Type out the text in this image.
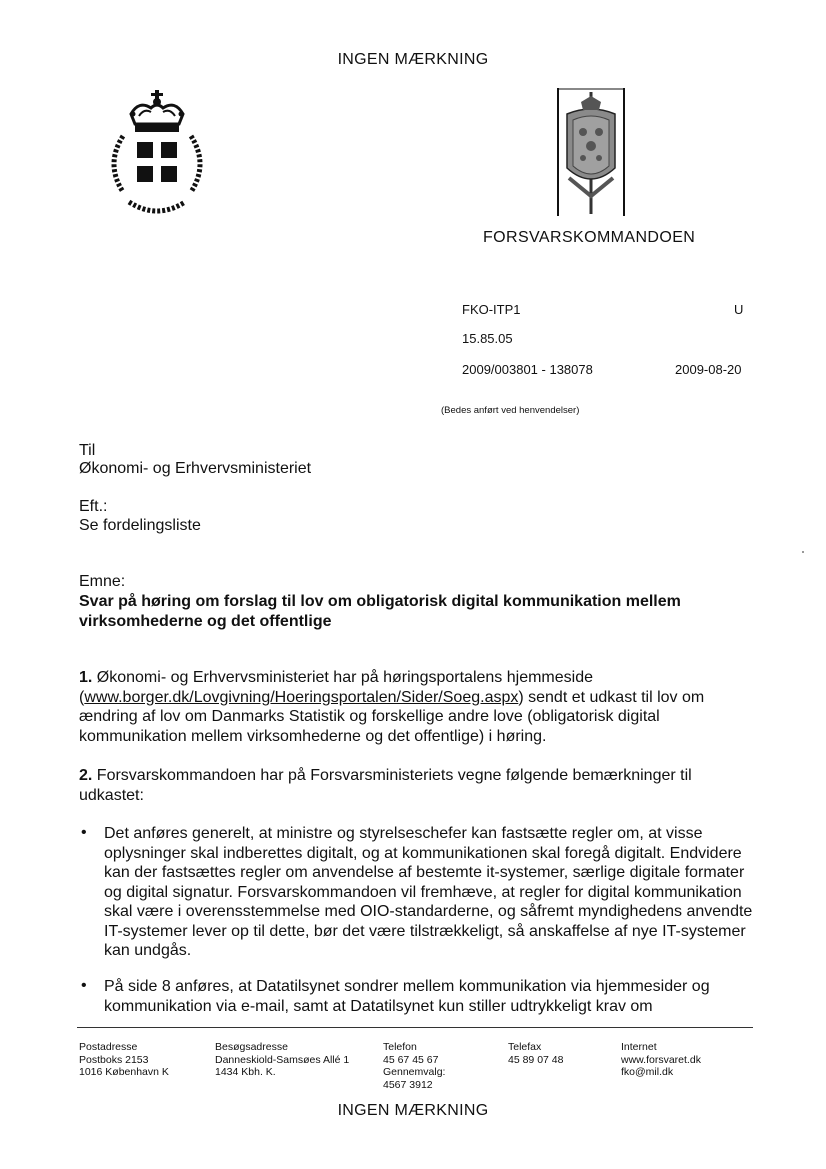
INGEN MÆRKNING
FORSVARSKOMMANDOEN
FKO-ITP1	U
15.85.05
2009/003801 - 138078	2009-08-20
(Bedes anført ved henvendelser)
Til
Økonomi- og Erhvervsministeriet
Eft.:
Se fordelingsliste
Emne:
Svar på høring om forslag til lov om obligatorisk digital kommunikation mellem virksomhederne og det offentlige
1. Økonomi- og Erhvervsministeriet har på høringsportalens hjemmeside (www.borger.dk/Lovgivning/Hoeringsportalen/Sider/Soeg.aspx) sendt et udkast til lov om ændring af lov om Danmarks Statistik og forskellige andre love (obligatorisk digital kommunikation mellem virksomhederne og det offentlige) i høring.
2. Forsvarskommandoen har på Forsvarsministeriets vegne følgende bemærkninger til udkastet:
• Det anføres generelt, at ministre og styrelseschefer kan fastsætte regler om, at visse oplysninger skal indberettes digitalt, og at kommunikationen skal foregå digitalt. Endvidere kan der fastsættes regler om anvendelse af bestemte it-systemer, særlige digitale formater og digital signatur. Forsvarskommandoen vil fremhæve, at regler for digital kommunikation skal være i overensstemmelse med OIO-standarderne, og såfremt myndighedens anvendte IT-systemer lever op til dette, bør det være tilstrækkeligt, så anskaffelse af nye IT-systemer kan undgås.
• På side 8 anføres, at Datatilsynet sondrer mellem kommunikation via hjemmesider og kommunikation via e-mail, samt at Datatilsynet kun stiller udtrykkeligt krav om
Postadresse
Postboks 2153
1016 København K
Besøgsadresse
Danneskiold-Samsøes Allé 1
1434 Kbh. K.
Telefon
45 67 45 67
Gennemvalg:
4567 3912
Telefax
45 89 07 48
Internet
www.forsvaret.dk
fko@mil.dk
INGEN MÆRKNING
